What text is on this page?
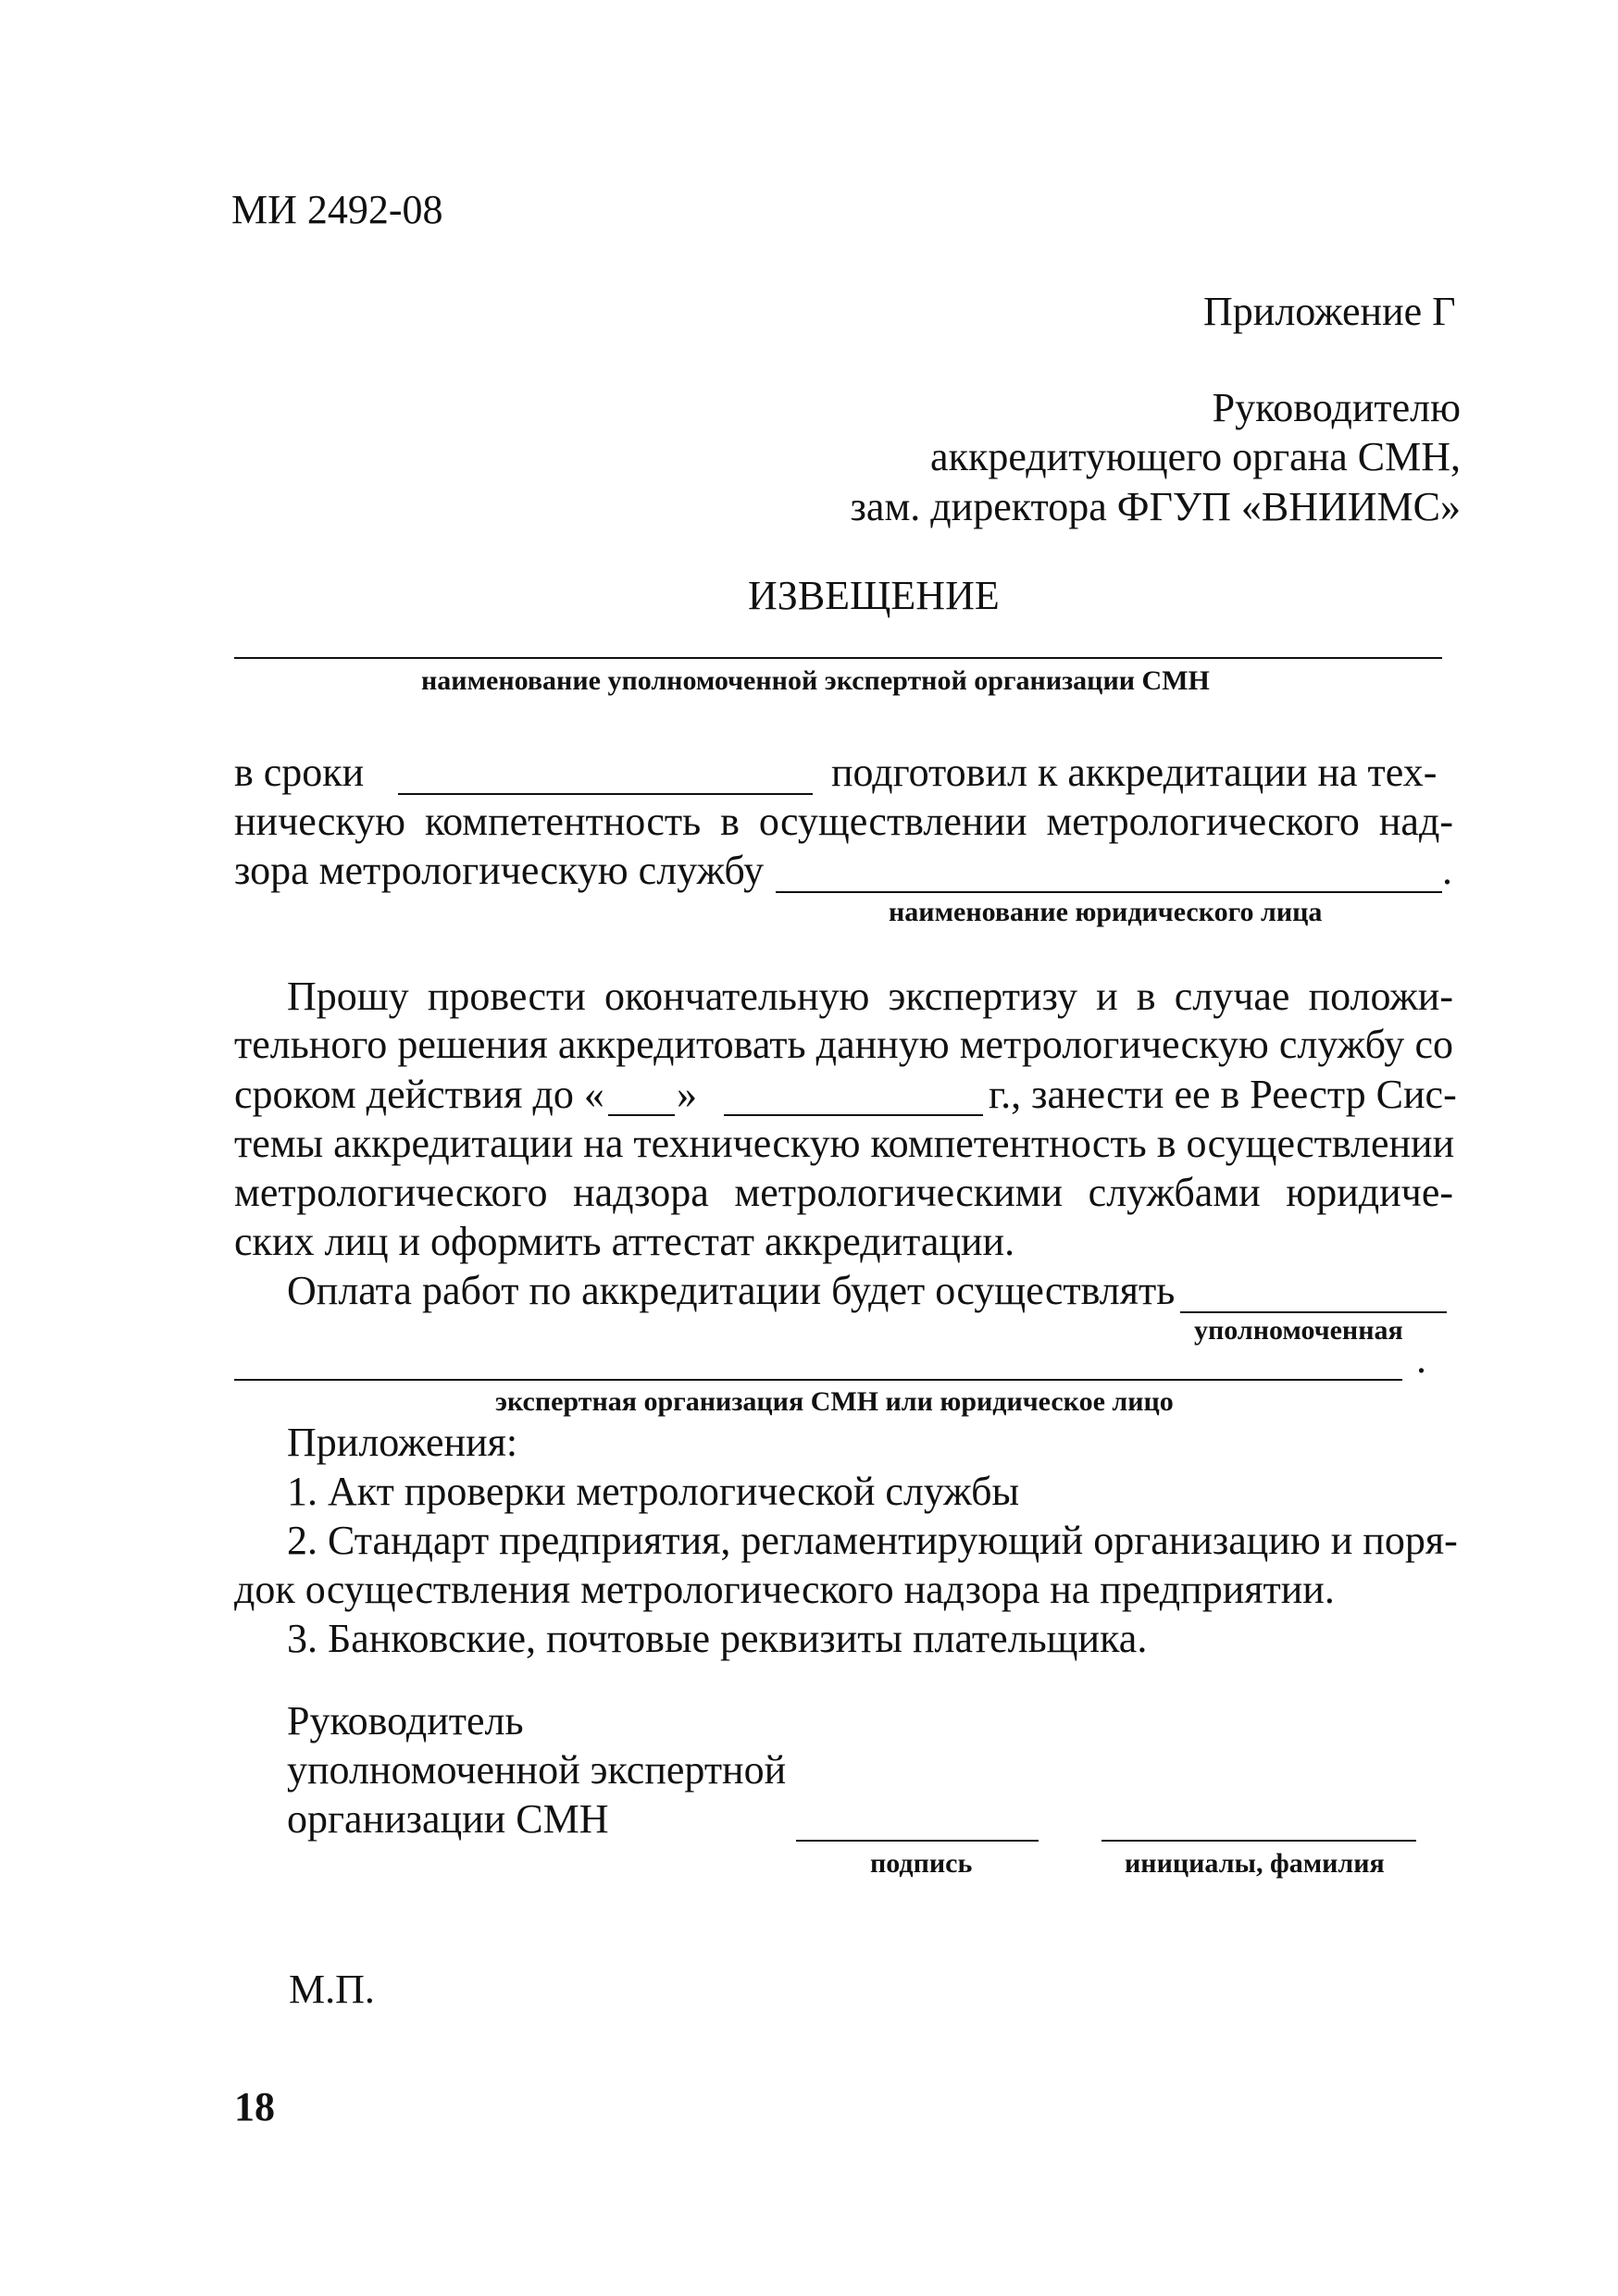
МИ 2492-08
Приложение Г
Руководителю
аккредитующего органа СМН,
зам. директора ФГУП «ВНИИМС»
ИЗВЕЩЕНИЕ
наименование уполномоченной экспертной организации СМН
в сроки	подготовил к аккредитации на тех-
ническую компетентность в осуществлении метрологического над-
зора метрологическую службу	.
наименование юридического лица
Прошу провести окончательную экспертизу и в случае положи-
тельного решения аккредитовать данную метрологическую службу со
сроком действия до « »	г., занести ее в Реестр Сис-
темы аккредитации на техническую компетентность в осуществлении
метрологического надзора метрологическими службами юридиче-
ских лиц и оформить аттестат аккредитации.
Оплата работ по аккредитации будет осуществлять
уполномоченная
.
экспертная организация СМН или юридическое лицо
Приложения:
1. Акт проверки метрологической службы
2. Стандарт предприятия, регламентирующий организацию и поря-
док осуществления метрологического надзора на предприятии.
3. Банковские, почтовые реквизиты плательщика.
Руководитель
уполномоченной экспертной
организации СМН
подпись	инициалы, фамилия
М.П.
18
